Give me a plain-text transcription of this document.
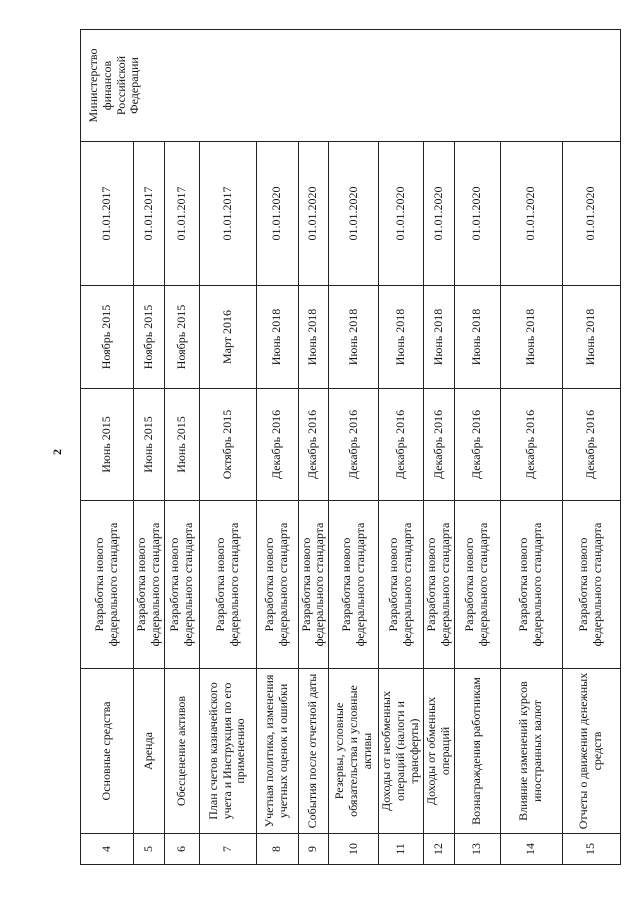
2
4	Основные средства	Разработка нового федерального стандарта	Июнь 2015	Ноябрь 2015	01.01.2017	Министерство финансов Российской Федерации
5	Аренда	Разработка нового федерального стандарта	Июнь 2015	Ноябрь 2015	01.01.2017	
6	Обесценение активов	Разработка нового федерального стандарта	Июнь 2015	Ноябрь 2015	01.01.2017	
7	План счетов казначейского учета и Инструкция по его применению	Разработка нового федерального стандарта	Октябрь 2015	Март 2016	01.01.2017	
8	Учетная политика, изменения учетных оценок и ошибки	Разработка нового федерального стандарта	Декабрь 2016	Июнь 2018	01.01.2020	
9	События после отчетной даты	Разработка нового федерального стандарта	Декабрь 2016	Июнь 2018	01.01.2020	
10	Резервы, условные обязательства и условные активы	Разработка нового федерального стандарта	Декабрь 2016	Июнь 2018	01.01.2020	
11	Доходы от необменных операций (налоги и трансферты)	Разработка нового федерального стандарта	Декабрь 2016	Июнь 2018	01.01.2020	
12	Доходы от обменных операций	Разработка нового федерального стандарта	Декабрь 2016	Июнь 2018	01.01.2020	
13	Вознаграждения работникам	Разработка нового федерального стандарта	Декабрь 2016	Июнь 2018	01.01.2020	
14	Влияние изменений курсов иностранных валют	Разработка нового федерального стандарта	Декабрь 2016	Июнь 2018	01.01.2020	
15	Отчеты о движении денежных средств	Разработка нового федерального стандарта	Декабрь 2016	Июнь 2018	01.01.2020	
